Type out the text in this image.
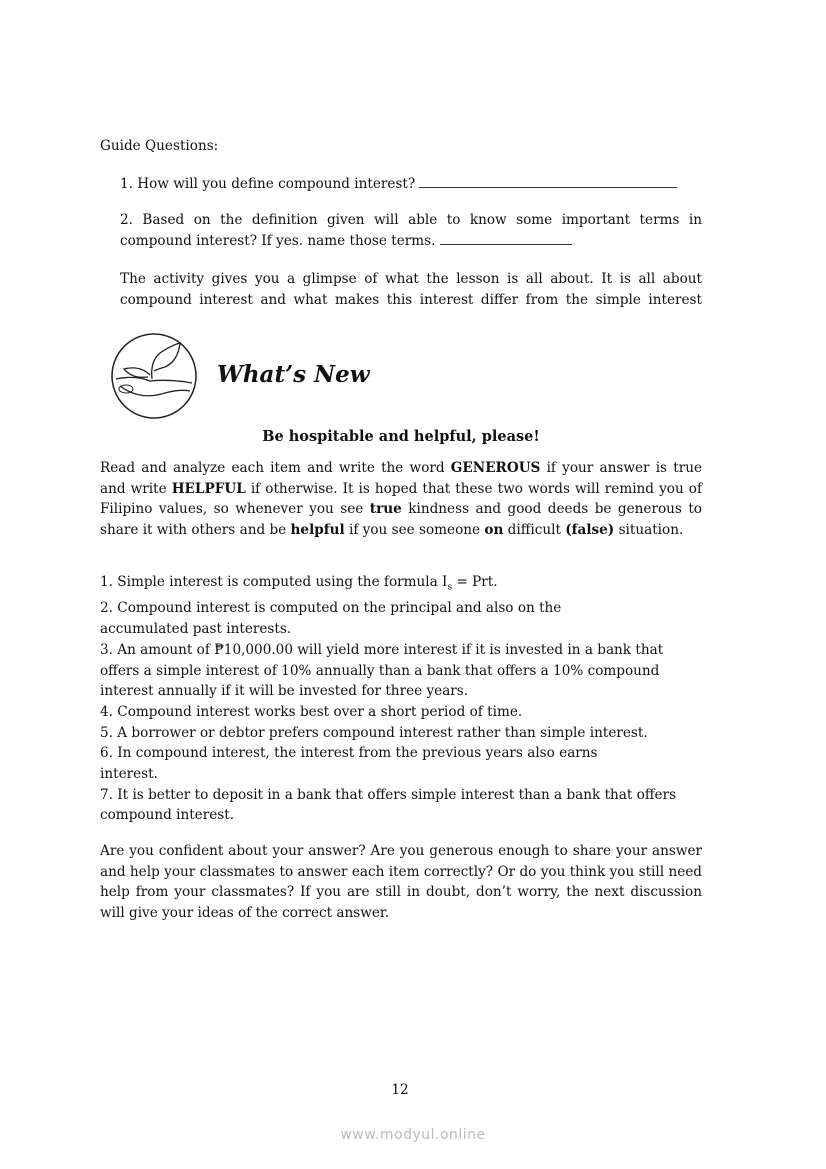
Guide Questions:
1. How will you define compound interest?
2. Based on the definition given will able to know some important terms in compound interest? If yes. name those terms.
The activity gives you a glimpse of what the lesson is all about. It is all about compound interest and what makes this interest differ from the simple interest
What’s New
Be hospitable and helpful, please!
Read and analyze each item and write the word GENEROUS if your answer is true and write HELPFUL if otherwise. It is hoped that these two words will remind you of Filipino values, so whenever you see true kindness and good deeds be generous to share it with others and be helpful if you see someone on difficult (false) situation.
1. Simple interest is computed using the formula $I_s$ = Prt.
2. Compound interest is computed on the principal and also on the accumulated past interests.
3. An amount of ₱10,000.00 will yield more interest if it is invested in a bank that offers a simple interest of 10% annually than a bank that offers a 10% compound interest annually if it will be invested for three years.
4. Compound interest works best over a short period of time.
5. A borrower or debtor prefers compound interest rather than simple interest.
6. In compound interest, the interest from the previous years also earns interest.
7. It is better to deposit in a bank that offers simple interest than a bank that offers compound interest.
Are you confident about your answer? Are you generous enough to share your answer and help your classmates to answer each item correctly? Or do you think you still need help from your classmates? If you are still in doubt, don’t worry, the next discussion will give your ideas of the correct answer.
12
www.modyul.online
